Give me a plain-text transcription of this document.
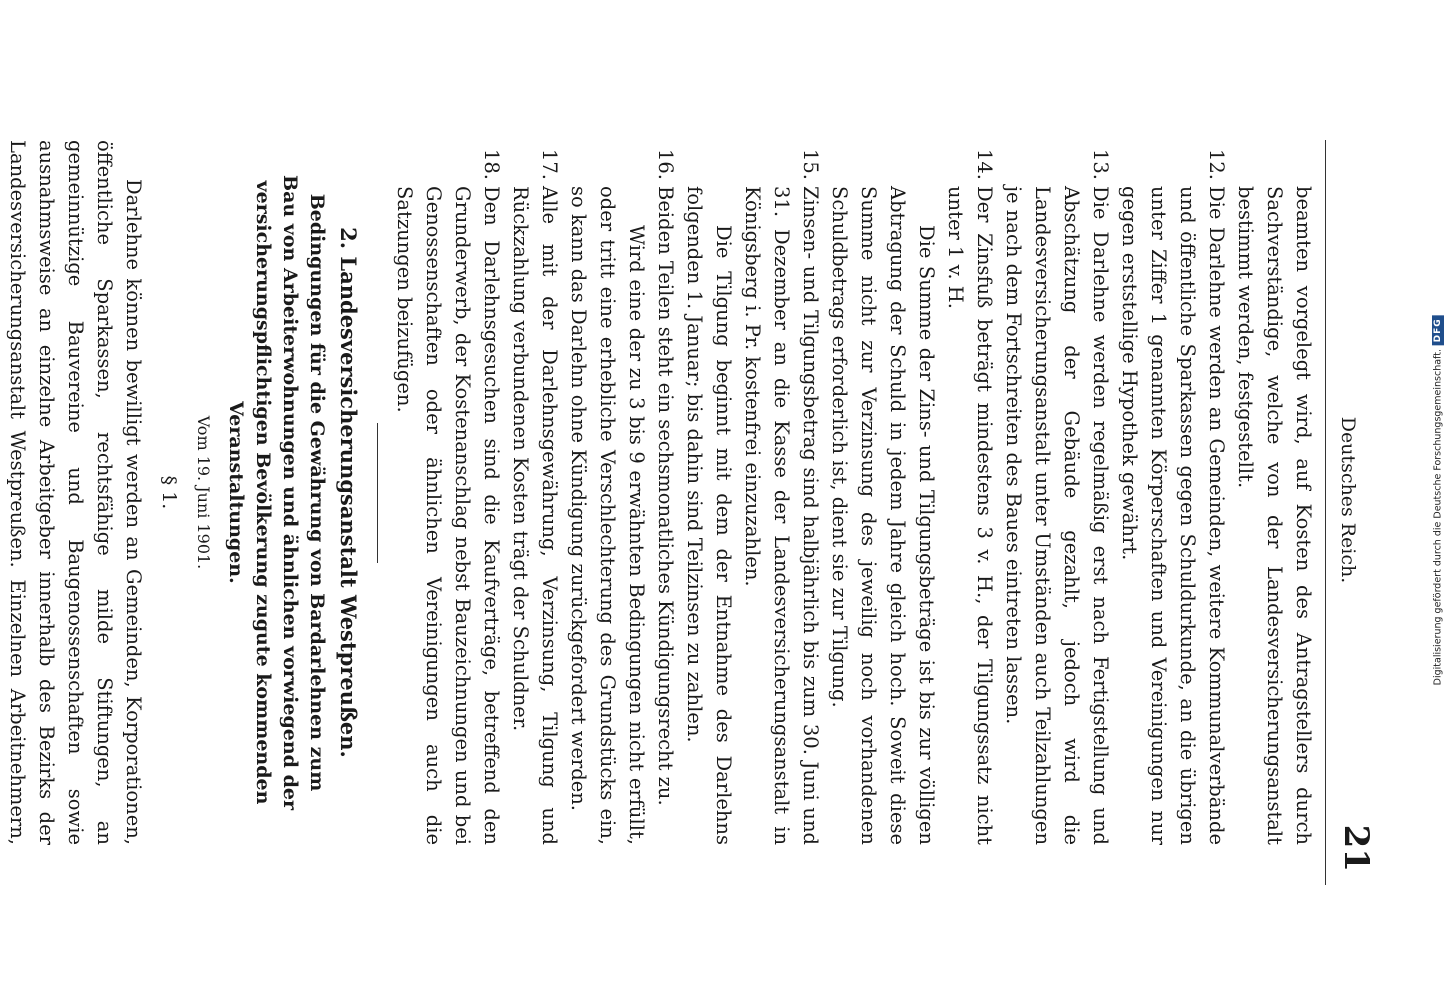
Digitalisierung gefördert durch die Deutsche Forschungsgemeinschaft.
DFG
Deutsches Reich.
21

beamten vorgelegt wird, auf Kosten des Antragstellers durch Sachverständige, welche von der Landesversicherungsanstalt bestimmt werden, festgestellt.

12.

Die Darlehne werden an Gemeinden, weitere Kommunalverbände und öffentliche Sparkassen gegen Schuldurkunde, an die übrigen unter Ziffer 1 genannten Körperschaften und Vereinigungen nur gegen erststellige Hypothek gewährt.

13.

Die Darlehne werden regelmäßig erst nach Fertigstellung und Abschätzung der Gebäude gezahlt, jedoch wird die Landesversicherungsanstalt unter Umständen auch Teilzahlungen je nach dem Fortschreiten des Baues eintreten lassen.

14.

Der Zinsfuß beträgt mindestens 3 v. H., der Tilgungssatz nicht unter 1 v. H.

Die Summe der Zins- und Tilgungsbeträge ist bis zur völligen Abtragung der Schuld in jedem Jahre gleich hoch. Soweit diese Summe nicht zur Verzinsung des jeweilig noch vorhandenen Schuldbetrags erforderlich ist, dient sie zur Tilgung.

15.

Zinsen- und Tilgungsbetrag sind halbjährlich bis zum 30. Juni und 31. Dezember an die Kasse der Landesversicherungsanstalt in Königsberg i. Pr. kostenfrei einzuzahlen.

Die Tilgung beginnt mit dem der Entnahme des Darlehns folgenden 1. Januar; bis dahin sind Teilzinsen zu zahlen.

16.

Beiden Teilen steht ein sechsmonatliches Kündigungsrecht zu.

Wird eine der zu 3 bis 9 erwähnten Bedingungen nicht erfüllt, oder tritt eine erhebliche Verschlechterung des Grundstücks ein, so kann das Darlehn ohne Kündigung zurückgefordert werden.

17.

Alle mit der Darlehnsgewährung, Verzinsung, Tilgung und Rückzahlung verbundenen Kosten trägt der Schuldner.

18.

Den Darlehnsgesuchen sind die Kaufverträge, betreffend den Grunderwerb, der Kostenanschlag nebst Bauzeichnungen und bei Genossenschaften oder ähnlichen Vereinigungen auch die Satzungen beizufügen.

2. Landesversicherungsanstalt Westpreußen.
Bedingungen für die Gewährung von Bardarlehnen zum Bau von Arbeiterwohnungen und ähnlichen vorwiegend der versicherungspflichtigen Bevölkerung zugute kommenden Veranstaltungen.
Vom 19. Juni 1901.
§ 1.

Darlehne können bewilligt werden an Gemeinden, Korporationen, öffentliche Sparkassen, rechtsfähige milde Stiftungen, an gemeinnützige Bauvereine und Baugenossenschaften sowie ausnahmsweise an einzelne Arbeitgeber innerhalb des Bezirks der Landesversicherungsanstalt Westpreußen. Einzelnen Arbeitnehmern,
